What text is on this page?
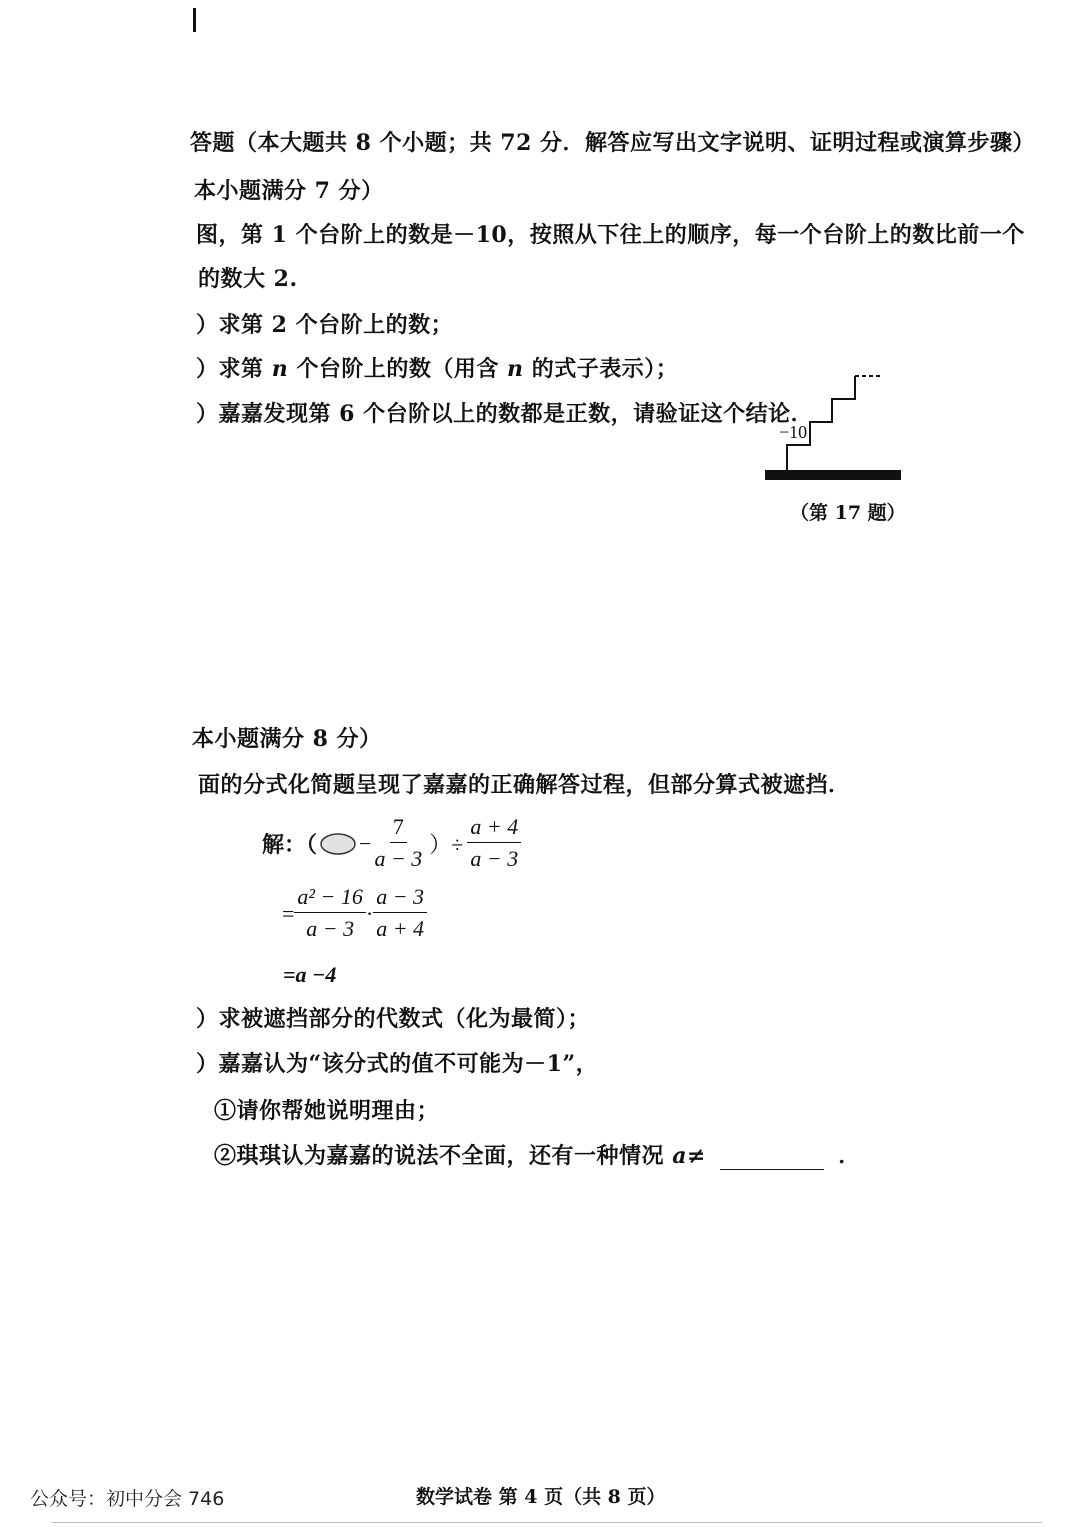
答题（本大题共 8 个小题；共 72 分．解答应写出文字说明、证明过程或演算步骤）
本小题满分 7 分）
图，第 1 个台阶上的数是－10，按照从下往上的顺序，每一个台阶上的数比前一个
的数大 2.
）求第 2 个台阶上的数；
）求第 n 个台阶上的数（用含 n 的式子表示）；
）嘉嘉发现第 6 个台阶以上的数都是正数，请验证这个结论．
−10
（第 17 题）
本小题满分 8 分）
面的分式化简题呈现了嘉嘉的正确解答过程，但部分算式被遮挡．
解：（ − $\frac{7}{a - 3}$ ）÷ $\frac{a + 4}{a - 3}$
= $\frac{\text{a² − 16}}{a - 3} \cdot \frac{a - 3}{a + 4}$
=a −4
）求被遮挡部分的代数式（化为最简）；
）嘉嘉认为“该分式的值不可能为－1”，
①请你帮她说明理由；
②琪琪认为嘉嘉的说法不全面，还有一种情况 a≠	．
公众号：初中分会 746	数学试卷 第 4 页（共 8 页）
